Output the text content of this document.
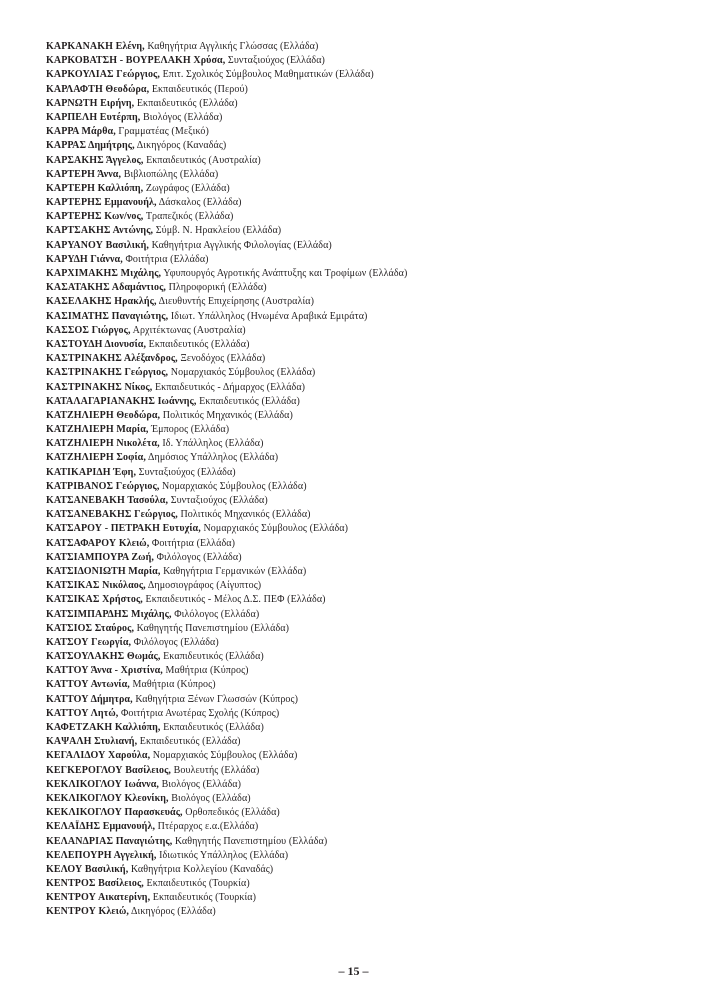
ΚΑΡΚΑΝΑΚΗ Ελένη, Καθηγήτρια Αγγλικής Γλώσσας (Ελλάδα)
ΚΑΡΚΟΒΑΤΣΗ - ΒΟΥΡΕΛΑΚΗ Χρύσα, Συνταξιούχος (Ελλάδα)
ΚΑΡΚΟΥΛΙΑΣ Γεώργιος, Επιτ. Σχολικός Σύμβουλος Μαθηματικών (Ελλάδα)
ΚΑΡΛΑΦΤΗ Θεοδώρα, Εκπαιδευτικός (Περού)
ΚΑΡΝΩΤΗ Ειρήνη, Εκπαιδευτικός (Ελλάδα)
ΚΑΡΠΕΛΗ Ευτέρπη, Βιολόγος (Ελλάδα)
ΚΑΡΡΑ Μάρθα, Γραμματέας (Μεξικό)
ΚΑΡΡΑΣ Δημήτρης, Δικηγόρος (Καναδάς)
ΚΑΡΣΑΚΗΣ Άγγελος, Εκπαιδευτικός (Αυστραλία)
ΚΑΡΤΕΡΗ Άννα, Βιβλιοπώλης (Ελλάδα)
ΚΑΡΤΕΡΗ Καλλιόπη, Ζωγράφος (Ελλάδα)
ΚΑΡΤΕΡΗΣ Εμμανουήλ, Δάσκαλος (Ελλάδα)
ΚΑΡΤΕΡΗΣ Κων/νος, Τραπεζικός (Ελλάδα)
ΚΑΡΤΣΑΚΗΣ Αντώνης, Σύμβ. Ν. Ηρακλείου (Ελλάδα)
ΚΑΡΥΑΝΟΥ Βασιλική, Καθηγήτρια Αγγλικής Φιλολογίας (Ελλάδα)
ΚΑΡΥΔΗ Γιάννα, Φοιτήτρια (Ελλάδα)
ΚΑΡΧΙΜΑΚΗΣ Μιχάλης, Υφυπουργός Αγροτικής Ανάπτυξης και Τροφίμων (Ελλάδα)
ΚΑΣΑΤΑΚΗΣ Αδαμάντιος, Πληροφορική (Ελλάδα)
ΚΑΣΕΛΑΚΗΣ Ηρακλής, Διευθυντής Επιχείρησης (Αυστραλία)
ΚΑΣΙΜΑΤΗΣ Παναγιώτης, Ιδιωτ. Υπάλληλος (Ηνωμένα Αραβικά Εμιράτα)
ΚΑΣΣΟΣ Γιώργος, Αρχιτέκτωνας (Αυστραλία)
ΚΑΣΤΟΥΔΗ Διονυσία, Εκπαιδευτικός (Ελλάδα)
ΚΑΣΤΡΙΝΑΚΗΣ Αλέξανδρος, Ξενοδόχος (Ελλάδα)
ΚΑΣΤΡΙΝΑΚΗΣ Γεώργιος, Νομαρχιακός Σύμβουλος (Ελλάδα)
ΚΑΣΤΡΙΝΑΚΗΣ Νίκος, Εκπαιδευτικός - Δήμαρχος (Ελλάδα)
ΚΑΤΑΛΑΓΑΡΙΑΝΑΚΗΣ Ιωάννης, Εκπαιδευτικός (Ελλάδα)
ΚΑΤΖΗΛΙΕΡΗ Θεοδώρα, Πολιτικός Μηχανικός (Ελλάδα)
ΚΑΤΖΗΛΙΕΡΗ Μαρία, Έμπορος (Ελλάδα)
ΚΑΤΖΗΛΙΕΡΗ Νικολέτα, Ιδ. Υπάλληλος (Ελλάδα)
ΚΑΤΖΗΛΙΕΡΗ Σοφία, Δημόσιος Υπάλληλος (Ελλάδα)
ΚΑΤΙΚΑΡΙΔΗ Έφη, Συνταξιούχος (Ελλάδα)
ΚΑΤΡΙΒΑΝΟΣ Γεώργιος, Νομαρχιακός Σύμβουλος (Ελλάδα)
ΚΑΤΣΑΝΕΒΑΚΗ Τασούλα, Συνταξιούχος (Ελλάδα)
ΚΑΤΣΑΝΕΒΑΚΗΣ Γεώργιος, Πολιτικός Μηχανικός (Ελλάδα)
ΚΑΤΣΑΡΟΥ - ΠΕΤΡΑΚΗ Ευτυχία, Νομαρχιακός Σύμβουλος (Ελλάδα)
ΚΑΤΣΑΦΑΡΟΥ Κλειώ, Φοιτήτρια (Ελλάδα)
ΚΑΤΣΙΑΜΠΟΥΡΑ Ζωή, Φιλόλογος (Ελλάδα)
ΚΑΤΣΙΔΟΝΙΩΤΗ Μαρία, Καθηγήτρια Γερμανικών (Ελλάδα)
ΚΑΤΣΙΚΑΣ Νικόλαος, Δημοσιογράφος (Αίγυπτος)
ΚΑΤΣΙΚΑΣ Χρήστος, Εκπαιδευτικός - Μέλος Δ.Σ. ΠΕΦ (Ελλάδα)
ΚΑΤΣΙΜΠΑΡΔΗΣ Μιχάλης, Φιλόλογος (Ελλάδα)
ΚΑΤΣΙΟΣ Σταύρος, Καθηγητής Πανεπιστημίου (Ελλάδα)
ΚΑΤΣΟΥ Γεωργία, Φιλόλογος (Ελλάδα)
ΚΑΤΣΟΥΛΑΚΗΣ Θωμάς, Εκαπιδευτικός (Ελλάδα)
ΚΑΤΤΟΥ Άννα - Χριστίνα, Μαθήτρια (Κύπρος)
ΚΑΤΤΟΥ Αντωνία, Μαθήτρια (Κύπρος)
ΚΑΤΤΟΥ Δήμητρα, Καθηγήτρια Ξένων Γλωσσών (Κύπρος)
ΚΑΤΤΟΥ Λητώ, Φοιτήτρια Ανωτέρας Σχολής (Κύπρος)
ΚΑΦΕΤΖΑΚΗ Καλλιόπη, Εκπαιδευτικός (Ελλάδα)
ΚΑΨΑΛΗ Στυλιανή, Εκπαιδευτικός (Ελλάδα)
ΚΕΓΑΛΙΔΟΥ Χαρούλα, Νομαρχιακός Σύμβουλος (Ελλάδα)
ΚΕΓΚΕΡΟΓΛΟΥ Βασίλειος, Βουλευτής (Ελλάδα)
ΚΕΚΛΙΚΟΓΛΟΥ Ιωάννα, Βιολόγος (Ελλάδα)
ΚΕΚΛΙΚΟΓΛΟΥ Κλεονίκη, Βιολόγος (Ελλάδα)
ΚΕΚΛΙΚΟΓΛΟΥ Παρασκευάς, Ορθοπεδικός (Ελλάδα)
ΚΕΛΑΪΔΗΣ Εμμανουήλ, Πτέραρχος ε.α.(Ελλάδα)
ΚΕΛΑΝΔΡΙΑΣ Παναγιώτης, Καθηγητής Πανεπιστημίου (Ελλάδα)
ΚΕΛΕΠΟΥΡΗ Αγγελική, Ιδιωτικός Υπάλληλος (Ελλάδα)
ΚΕΛΟΥ Βασιλική, Καθηγήτρια Κολλεγίου (Καναδάς)
ΚΕΝΤΡΟΣ Βασίλειος, Εκπαιδευτικός (Τουρκία)
ΚΕΝΤΡΟΥ Αικατερίνη, Εκπαιδευτικός (Τουρκία)
ΚΕΝΤΡΟΥ Κλειώ, Δικηγόρος (Ελλάδα)
– 15 –
